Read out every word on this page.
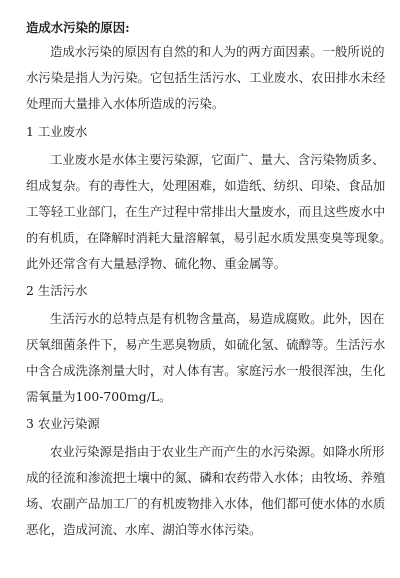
造成水污染的原因:
造成水污染的原因有自然的和人为的两方面因素。一般所说的
水污染是指人为污染。它包括生活污水、工业废水、农田排水未经
处理而大量排入水体所造成的污染。
1 工业废水
工业废水是水体主要污染源，它面广、量大、含污染物质多、
组成复杂。有的毒性大，处理困难，如造纸、纺织、印染、食品加
工等轻工业部门，在生产过程中常排出大量废水，而且这些废水中
的有机质，在降解时消耗大量溶解氧，易引起水质发黑变臭等现象。
此外还常含有大量悬浮物、硫化物、重金属等。
2 生活污水
生活污水的总特点是有机物含量高，易造成腐败。此外，因在
厌氧细菌条件下，易产生恶臭物质，如硫化氢、硫醇等。生活污水
中含合成洗涤剂量大时，对人体有害。家庭污水一般很浑浊，生化
需氧量为100-700mg/L。
3 农业污染源
农业污染源是指由于农业生产而产生的水污染源。如降水所形
成的径流和渗流把土壤中的氮、磷和农药带入水体；由牧场、养殖
场、农副产品加工厂的有机废物排入水体，他们都可使水体的水质
恶化，造成河流、水库、湖泊等水体污染。
